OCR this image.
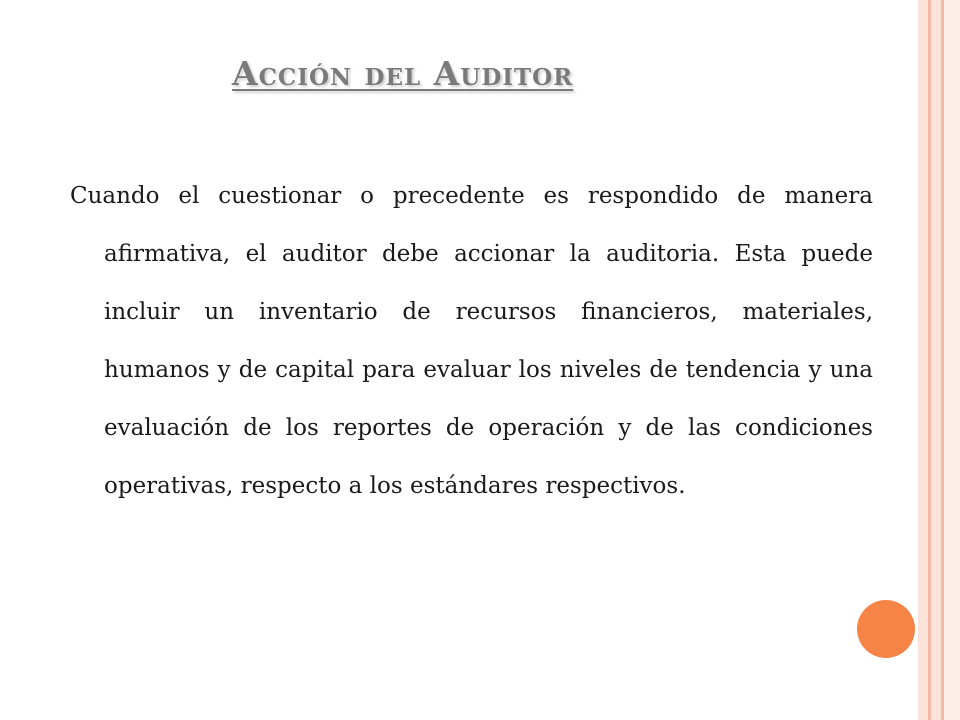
Acción del Auditor

Cuando el cuestionar o precedente es respondido de manera afirmativa, el auditor debe accionar la auditoria. Esta puede incluir un inventario de recursos financieros, materiales, humanos y de capital para evaluar los niveles de tendencia y una evaluación de los reportes de operación y de las condiciones operativas, respecto a los estándares respectivos.
